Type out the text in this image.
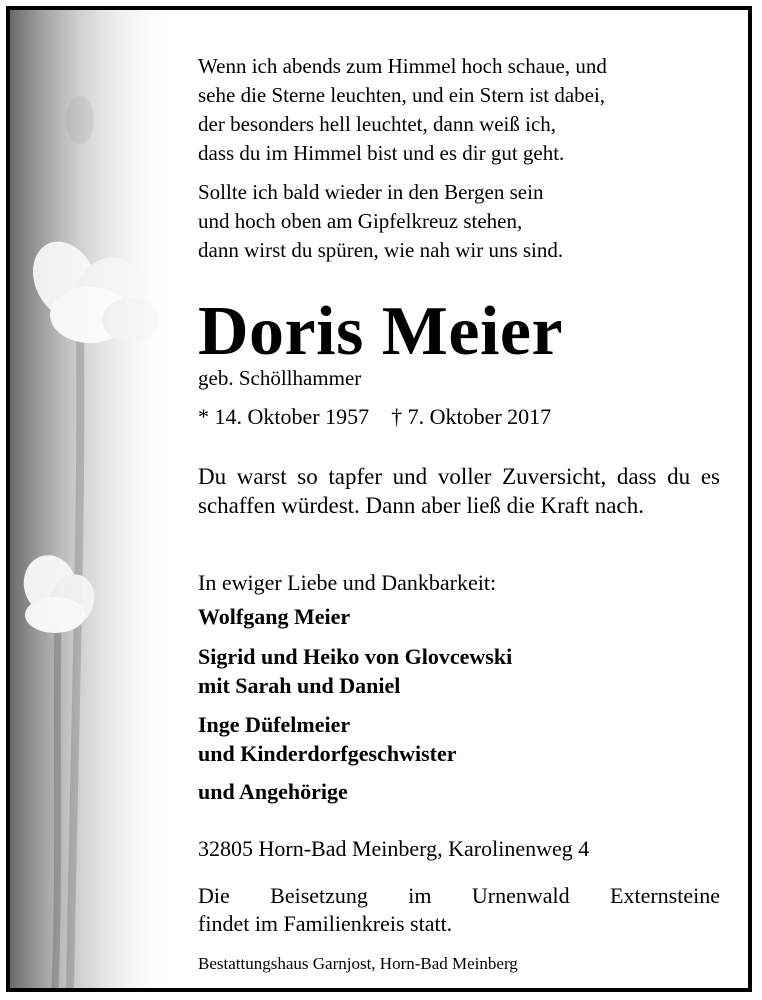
Wenn ich abends zum Himmel hoch schaue, und
sehe die Sterne leuchten, und ein Stern ist dabei,
der besonders hell leuchtet, dann weiß ich,
dass du im Himmel bist und es dir gut geht.
Sollte ich bald wieder in den Bergen sein
und hoch oben am Gipfelkreuz stehen,
dann wirst du spüren, wie nah wir uns sind.
Doris Meier
geb. Schöllhammer
* 14. Oktober 1957 † 7. Oktober 2017
Du warst so tapfer und voller Zuversicht, dass du es schaffen würdest. Dann aber ließ die Kraft nach.
In ewiger Liebe und Dankbarkeit:
Wolfgang Meier
Sigrid und Heiko von Glovcewski
mit Sarah und Daniel
Inge Düfelmeier
und Kinderdorfgeschwister
und Angehörige
32805 Horn-Bad Meinberg, Karolinenweg 4
Die Beisetzung im Urnenwald Externsteine
findet im Familienkreis statt.
Bestattungshaus Garnjost, Horn-Bad Meinberg
